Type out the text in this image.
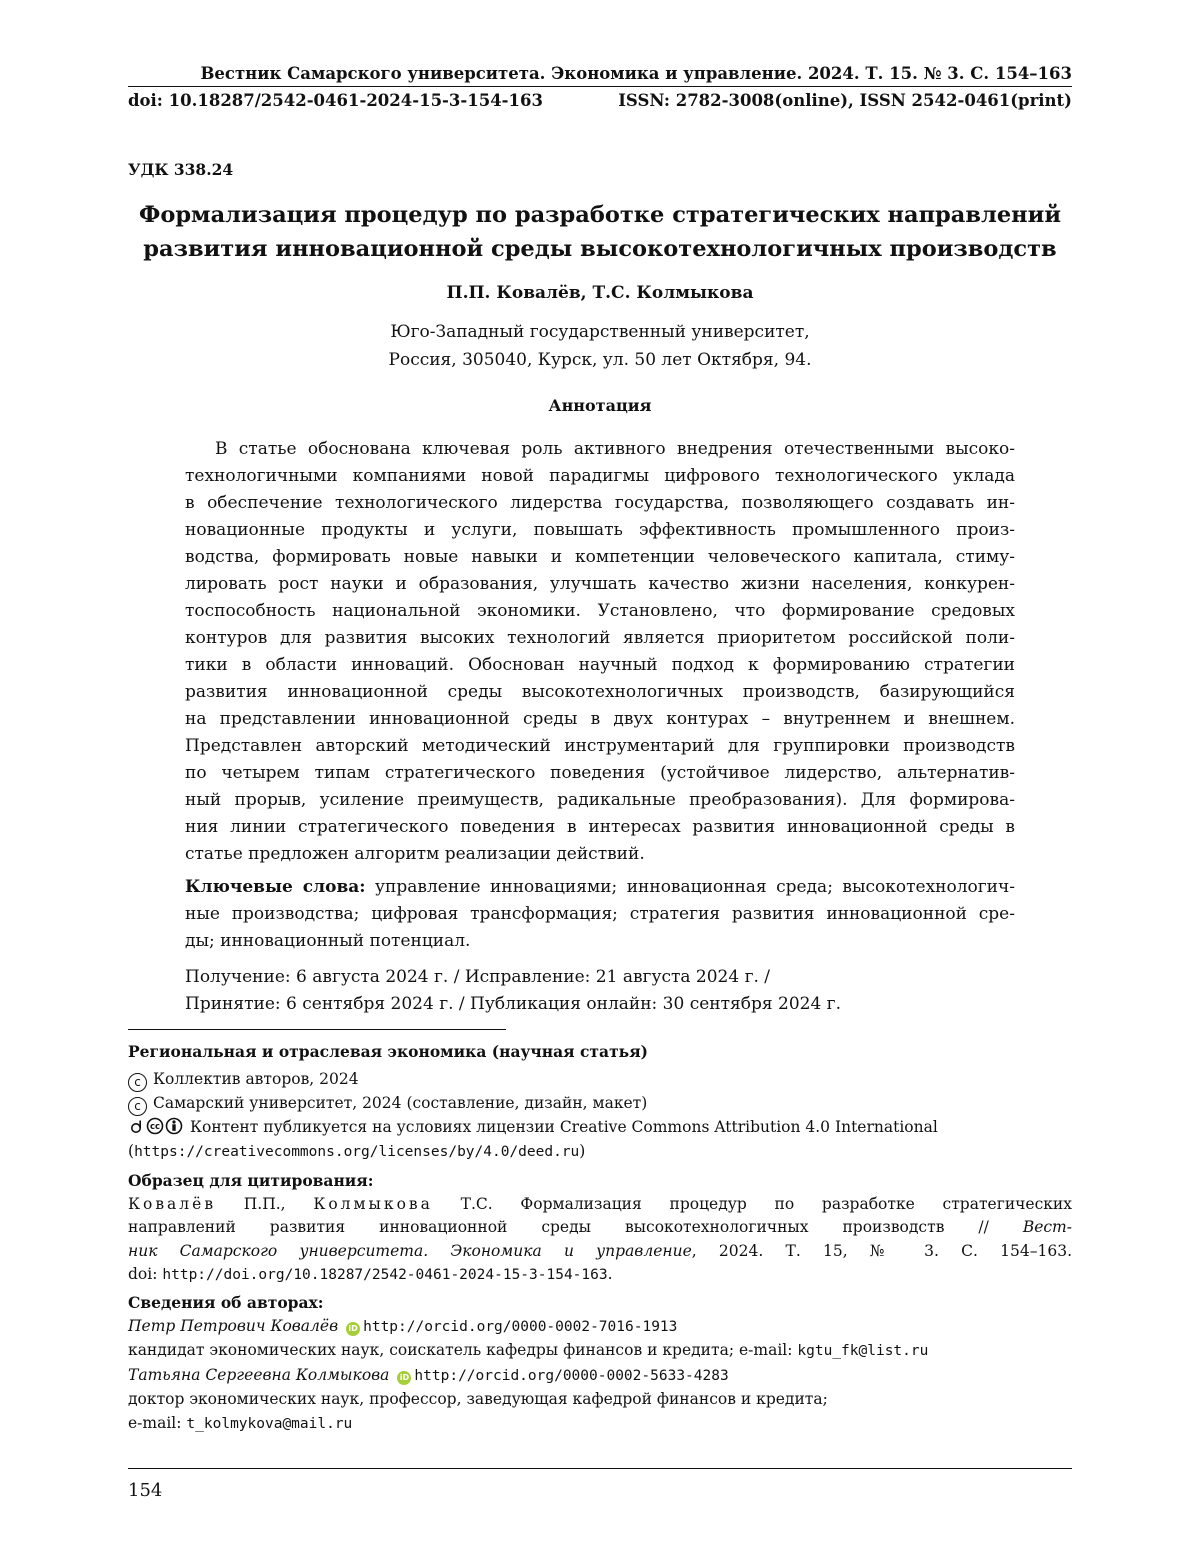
Вестник Самарского университета. Экономика и управление. 2024. Т. 15. № 3. С. 154–163
doi: 10.18287/2542-0461-2024-15-3-154-163	ISSN: 2782-3008(online), ISSN 2542-0461(print)
УДК 338.24
Формализация процедур по разработке стратегических направлений
развития инновационной среды высокотехнологичных производств
П.П. Ковалёв, Т.С. Колмыкова
Юго-Западный государственный университет,
Россия, 305040, Курск, ул. 50 лет Октября, 94.
Аннотация
В статье обоснована ключевая роль активного внедрения отечественными высоко-
технологичными компаниями новой парадигмы цифрового технологического уклада
в обеспечение технологического лидерства государства, позволяющего создавать ин-
новационные продукты и услуги, повышать эффективность промышленного произ-
водства, формировать новые навыки и компетенции человеческого капитала, стиму-
лировать рост науки и образования, улучшать качество жизни населения, конкурен-
тоспособность национальной экономики. Установлено, что формирование средовых
контуров для развития высоких технологий является приоритетом российской поли-
тики в области инноваций. Обоснован научный подход к формированию стратегии
развития инновационной среды высокотехнологичных производств, базирующийся
на представлении инновационной среды в двух контурах – внутреннем и внешнем.
Представлен авторский методический инструментарий для группировки производств
по четырем типам стратегического поведения (устойчивое лидерство, альтернатив-
ный прорыв, усиление преимуществ, радикальные преобразования). Для формирова-
ния линии стратегического поведения в интересах развития инновационной среды в
статье предложен алгоритм реализации действий.
Ключевые слова: управление инновациями; инновационная среда; высокотехнологич-
ные производства; цифровая трансформация; стратегия развития инновационной сре-
ды; инновационный потенциал.
Получение: 6 августа 2024 г. / Исправление: 21 августа 2024 г. /
Принятие: 6 сентября 2024 г. / Публикация онлайн: 30 сентября 2024 г.
Региональная и отраслевая экономика (научная статья)
c Коллектив авторов, 2024
c Самарский университет, 2024 (составление, дизайн, макет)
cc Контент публикуется на условиях лицензии Creative Commons Attribution 4.0 International
(https://creativecommons.org/licenses/by/4.0/deed.ru)
Образец для цитирования:
Ковалёв П.П., Колмыкова Т.С. Формализация процедур по разработке стратегических
направлений развития инновационной среды высокотехнологичных производств // Вест-
ник Самарского университета. Экономика и управление, 2024. Т. 15, № 3. С. 154–163.
doi: http://doi.org/10.18287/2542-0461-2024-15-3-154-163.
Сведения об авторах:
Петр Петрович Ковалёв iD http://orcid.org/0000-0002-7016-1913
кандидат экономических наук, соискатель кафедры финансов и кредита; e-mail: kgtu_fk@list.ru
Татьяна Сергеевна Колмыкова iD http://orcid.org/0000-0002-5633-4283
доктор экономических наук, профессор, заведующая кафедрой финансов и кредита;
e-mail: t_kolmykova@mail.ru
154
